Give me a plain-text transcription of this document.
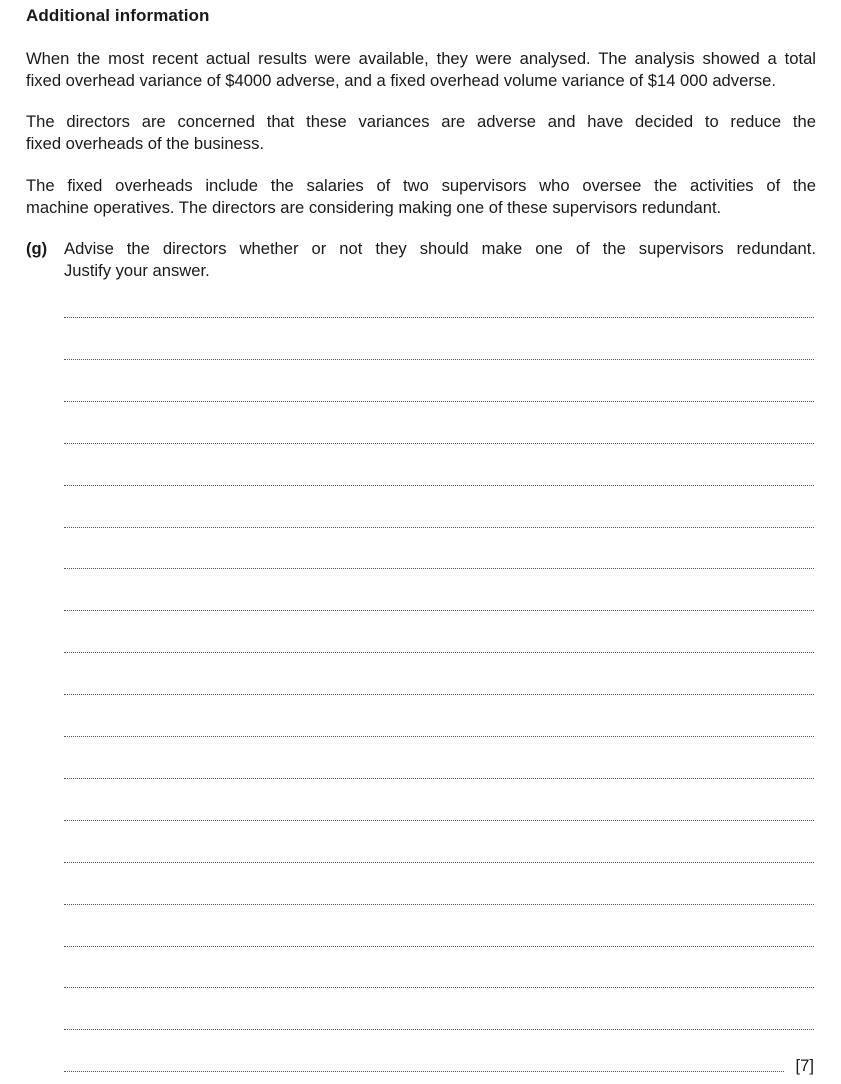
Additional information
When the most recent actual results were available, they were analysed. The analysis showed a total
fixed overhead variance of $4000 adverse, and a fixed overhead volume variance of $14 000 adverse.
The directors are concerned that these variances are adverse and have decided to reduce the
fixed overheads of the business.
The fixed overheads include the salaries of two supervisors who oversee the activities of the
machine operatives. The directors are considering making one of these supervisors redundant.
(g) Advise the directors whether or not they should make one of the supervisors redundant.
Justify your answer.
[7]
